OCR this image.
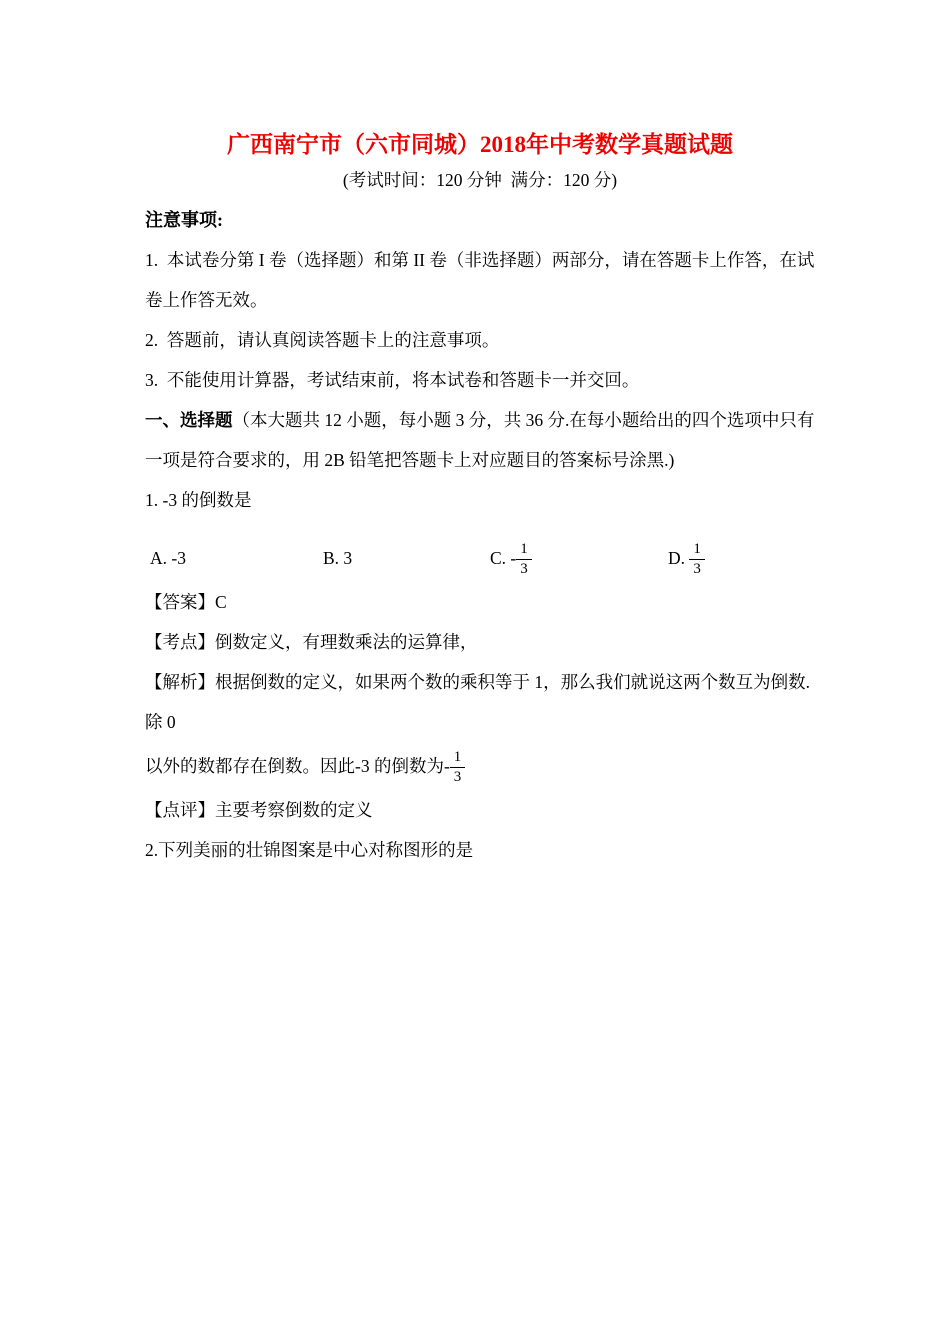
广西南宁市（六市同城）2018年中考数学真题试题

(考试时间：120 分钟  满分：120 分)

注意事项:

1.  本试卷分第 I 卷（选择题）和第 II 卷（非选择题）两部分，请在答题卡上作答，在试卷上作答无效。

2.  答题前，请认真阅读答题卡上的注意事项。

3.  不能使用计算器，考试结束前，将本试卷和答题卡一并交回。

一、选择题（本大题共 12 小题，每小题 3 分，共 36 分.在每小题给出的四个选项中只有一项是符合要求的，用 2B 铅笔把答题卡上对应题目的答案标号涂黑.)

1. -3 的倒数是

A. -3	B. 3	C. - $\frac{1}{3}$	D. $\frac{1}{3}$

【答案】C

【考点】倒数定义，有理数乘法的运算律，

【解析】根据倒数的定义，如果两个数的乘积等于 1，那么我们就说这两个数互为倒数.除 0

以外的数都存在倒数。因此-3 的倒数为- $\frac{1}{3}$

【点评】主要考察倒数的定义

2.下列美丽的壮锦图案是中心对称图形的是
